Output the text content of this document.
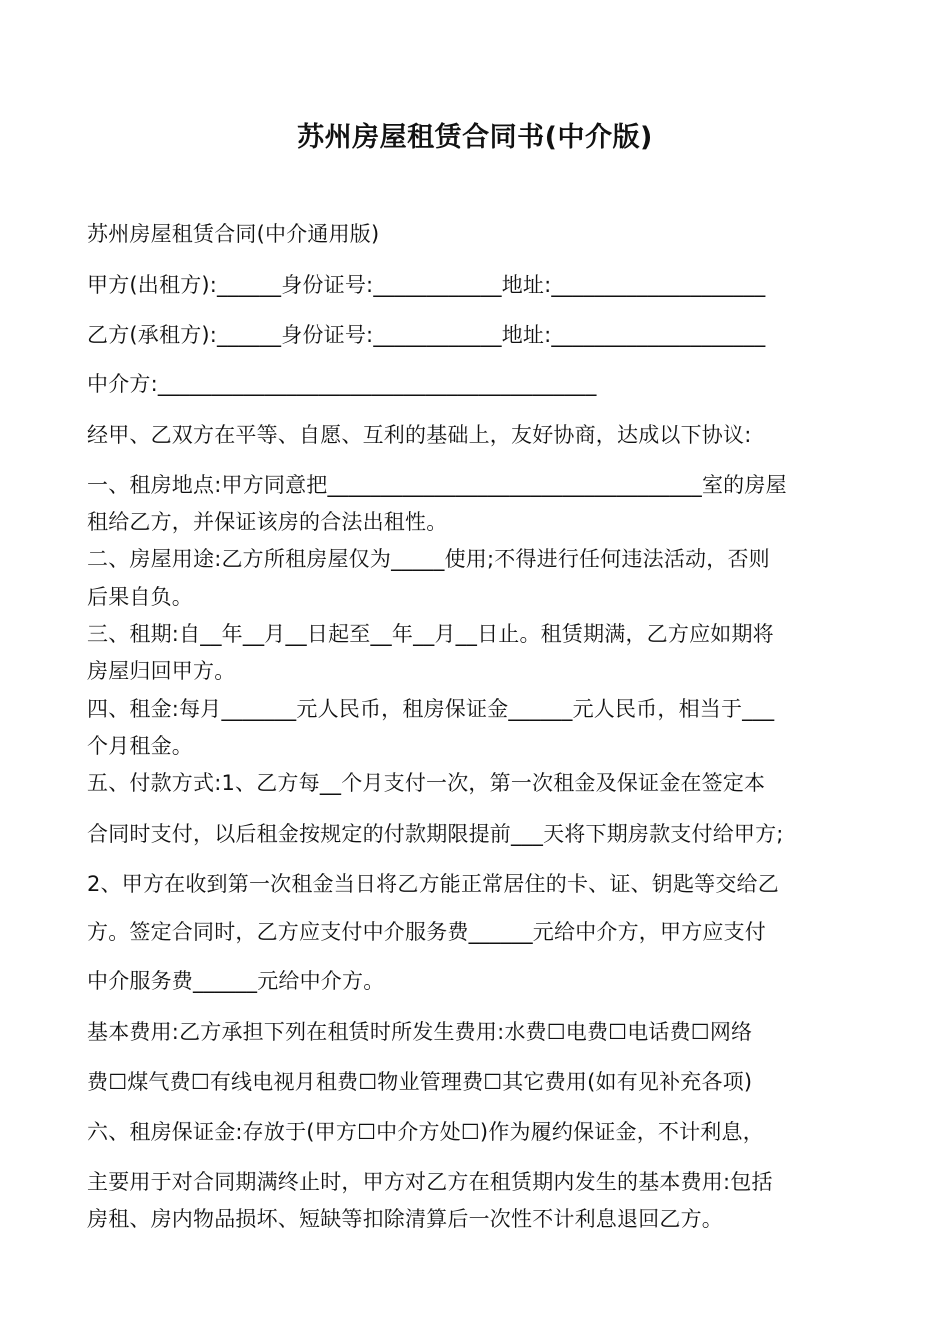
苏州房屋租赁合同书(中介版)
苏州房屋租赁合同(中介通用版)
甲方(出租方):______身份证号:____________地址:____________________
乙方(承租方):______身份证号:____________地址:____________________
中介方:_________________________________________
经甲、乙双方在平等、自愿、互利的基础上，友好协商，达成以下协议:
一、租房地点:甲方同意把___________________________________室的房屋
租给乙方，并保证该房的合法出租性。
二、房屋用途:乙方所租房屋仅为_____使用;不得进行任何违法活动，否则
后果自负。
三、租期:自__年__月__日起至__年__月__日止。租赁期满，乙方应如期将
房屋归回甲方。
四、租金:每月_______元人民币，租房保证金______元人民币，相当于___
个月租金。
五、付款方式:1、乙方每__个月支付一次，第一次租金及保证金在签定本
合同时支付，以后租金按规定的付款期限提前___天将下期房款支付给甲方;
2、甲方在收到第一次租金当日将乙方能正常居住的卡、证、钥匙等交给乙
方。签定合同时，乙方应支付中介服务费______元给中介方，甲方应支付
中介服务费______元给中介方。
基本费用:乙方承担下列在租赁时所发生费用:水费☐电费☐电话费☐网络
费☐煤气费☐有线电视月租费☐物业管理费☐其它费用(如有见补充各项)
六、租房保证金:存放于(甲方☐中介方处☐)作为履约保证金，不计利息，
主要用于对合同期满终止时，甲方对乙方在租赁期内发生的基本费用:包括
房租、房内物品损坏、短缺等扣除清算后一次性不计利息退回乙方。
